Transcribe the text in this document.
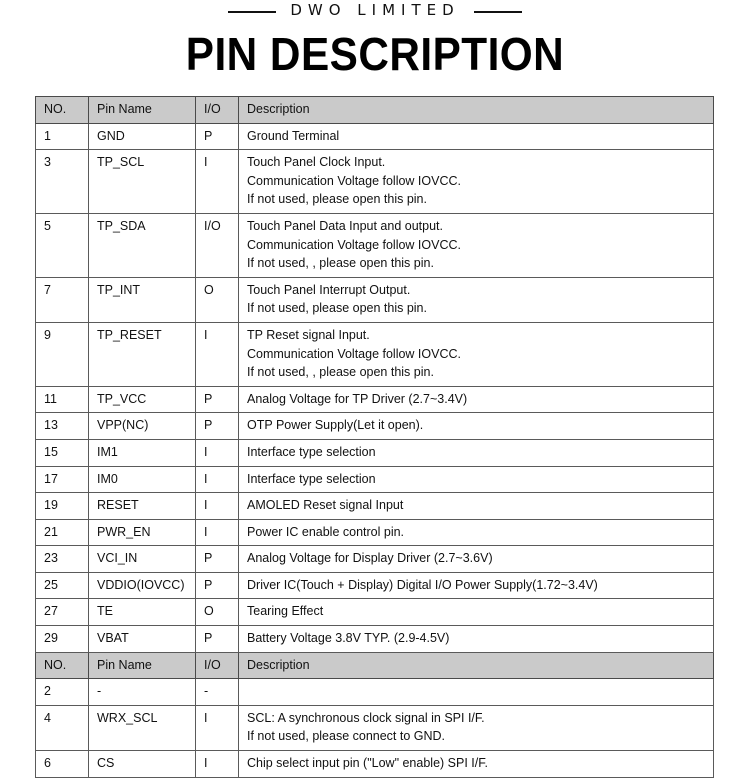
DWO LIMITED
PIN DESCRIPTION
NO.	Pin Name	I/O	Description
1	GND	P	Ground Terminal

3	TP_SCL	I	Touch Panel Clock Input.
Communication Voltage follow IOVCC.
If not used, please open this pin.

5	TP_SDA	I/O	Touch Panel Data Input and output.
Communication Voltage follow IOVCC.
If not used, , please open this pin.

7	TP_INT	O	Touch Panel Interrupt Output.
If not used, please open this pin.

9	TP_RESET	I	TP Reset signal Input.
Communication Voltage follow IOVCC.
If not used, , please open this pin.

11	TP_VCC	P	Analog Voltage for TP Driver (2.7~3.4V)

13	VPP(NC)	P	OTP Power Supply(Let it open).

15	IM1	I	Interface type selection

17	IM0	I	Interface type selection

19	RESET	I	AMOLED Reset signal Input

21	PWR_EN	I	Power IC enable control pin.

23	VCI_IN	P	Analog Voltage for Display Driver (2.7~3.6V)

25	VDDIO(IOVCC)	P	Driver IC(Touch + Display) Digital I/O Power Supply(1.72~3.4V)

27	TE	O	Tearing Effect

29	VBAT	P	Battery Voltage 3.8V TYP. (2.9-4.5V)

NO.	Pin Name	I/O	Description
2	-	-	
4	WRX_SCL	I	SCL: A synchronous clock signal in SPI I/F.
If not used, please connect to GND.

6	CS	I	Chip select input pin ("Low" enable) SPI I/F.
